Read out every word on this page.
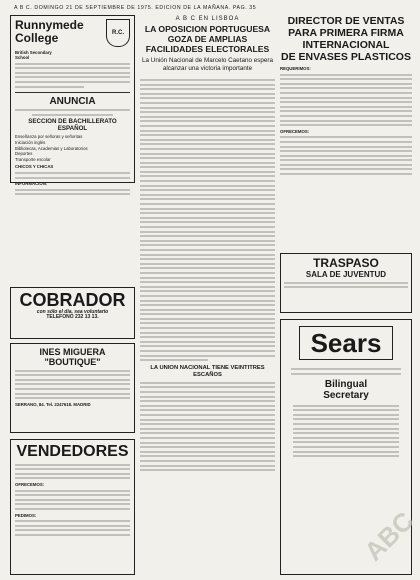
A B C. DOMINGO 21 DE SEPTIEMBRE DE 1975. EDICION DE LA MAÑANA. PAG. 35
Runnymede
College	R.C.
British Secondary
School
ANUNCIA
SECCION DE BACHILLERATO ESPAÑOL
Enseñanza por señoras y señoritas
Iniciación inglés
Bibliotecas, Academias y Laboratorios
Deportes
Transporte escolar
CHICOS Y CHICAS
INFORMACION:
COBRADOR
con sólo el día, sea voluntario
TELEFONO 232 13 13.
INES MIGUERA
"BOUTIQUE"
SERRANO, 84. Tel. 2247618. MADRID
VENDEDORES
OFRECEMOS:
PEDIMOS:
A B C EN LISBOA
LA OPOSICION PORTUGUESA GOZA DE AMPLIAS FACILIDADES ELECTORALES
La Unión Nacional de Marcelo Caetano espera alcanzar una victoria importante
LA UNION NACIONAL TIENE VEINTITRES ESCAÑOS
DIRECTOR DE VENTAS
PARA PRIMERA FIRMA
INTERNACIONAL
DE ENVASES PLASTICOS
REQUERIMOS:
OFRECEMOS:
TRASPASO
SALA DE JUVENTUD
Sears
Bilingual
Secretary
ABC
